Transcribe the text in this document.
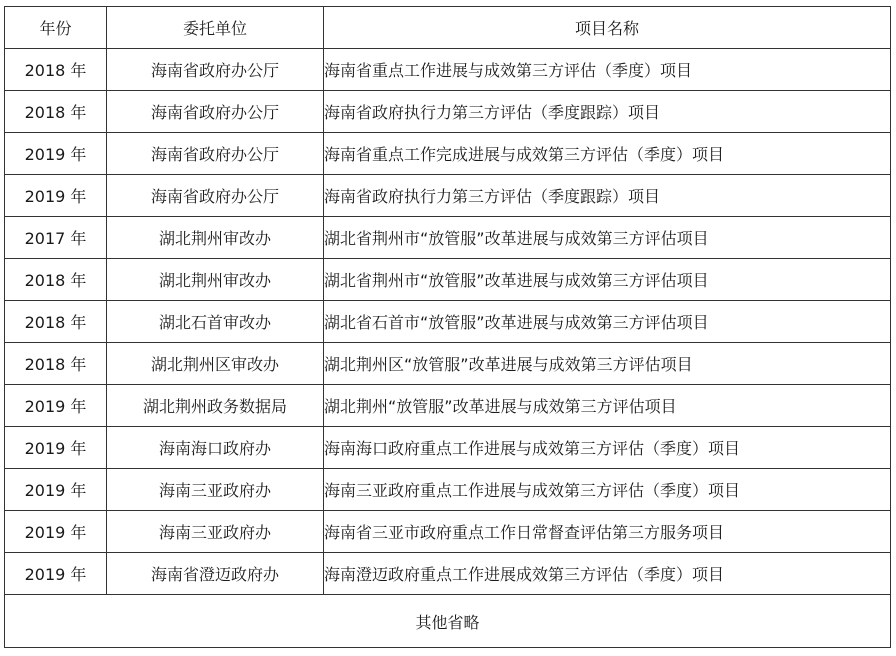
年份	委托单位	项目名称
2018 年	海南省政府办公厅	海南省重点工作进展与成效第三方评估（季度）项目
2018 年	海南省政府办公厅	海南省政府执行力第三方评估（季度跟踪）项目
2019 年	海南省政府办公厅	海南省重点工作完成进展与成效第三方评估（季度）项目
2019 年	海南省政府办公厅	海南省政府执行力第三方评估（季度跟踪）项目
2017 年	湖北荆州审改办	湖北省荆州市“放管服”改革进展与成效第三方评估项目
2018 年	湖北荆州审改办	湖北省荆州市“放管服”改革进展与成效第三方评估项目
2018 年	湖北石首审改办	湖北省石首市“放管服”改革进展与成效第三方评估项目
2018 年	湖北荆州区审改办	湖北荆州区“放管服”改革进展与成效第三方评估项目
2019 年	湖北荆州政务数据局	湖北荆州“放管服”改革进展与成效第三方评估项目
2019 年	海南海口政府办	海南海口政府重点工作进展与成效第三方评估（季度）项目
2019 年	海南三亚政府办	海南三亚政府重点工作进展与成效第三方评估（季度）项目
2019 年	海南三亚政府办	海南省三亚市政府重点工作日常督查评估第三方服务项目
2019 年	海南省澄迈政府办	海南澄迈政府重点工作进展成效第三方评估（季度）项目
其他省略		
